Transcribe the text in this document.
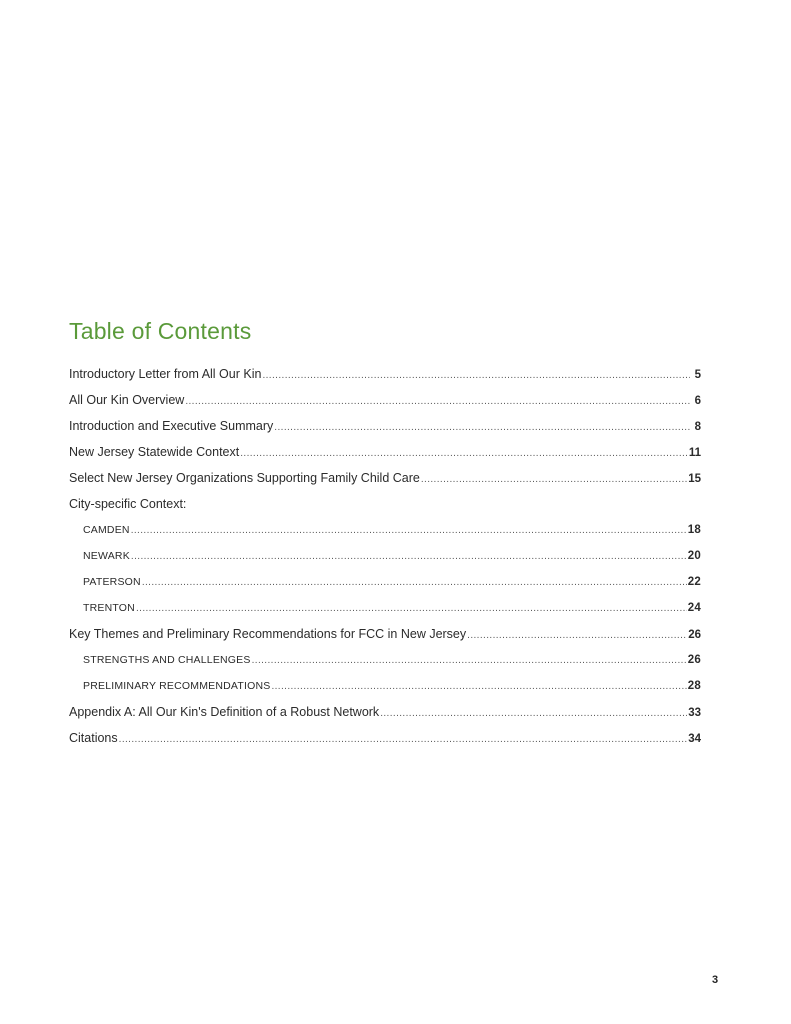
Table of Contents
Introductory Letter from All Our Kin .....	5
All Our Kin Overview .....	6
Introduction and Executive Summary .....	8
New Jersey Statewide Context .....	11
Select New Jersey Organizations Supporting Family Child Care .....	15
City-specific Context:
CAMDEN .....	18
NEWARK .....	20
PATERSON .....	22
TRENTON .....	24
Key Themes and Preliminary Recommendations for FCC in New Jersey .....	26
STRENGTHS AND CHALLENGES .....	26
PRELIMINARY RECOMMENDATIONS .....	28
Appendix A: All Our Kin's Definition of a Robust Network .....	33
Citations .....	34
3
